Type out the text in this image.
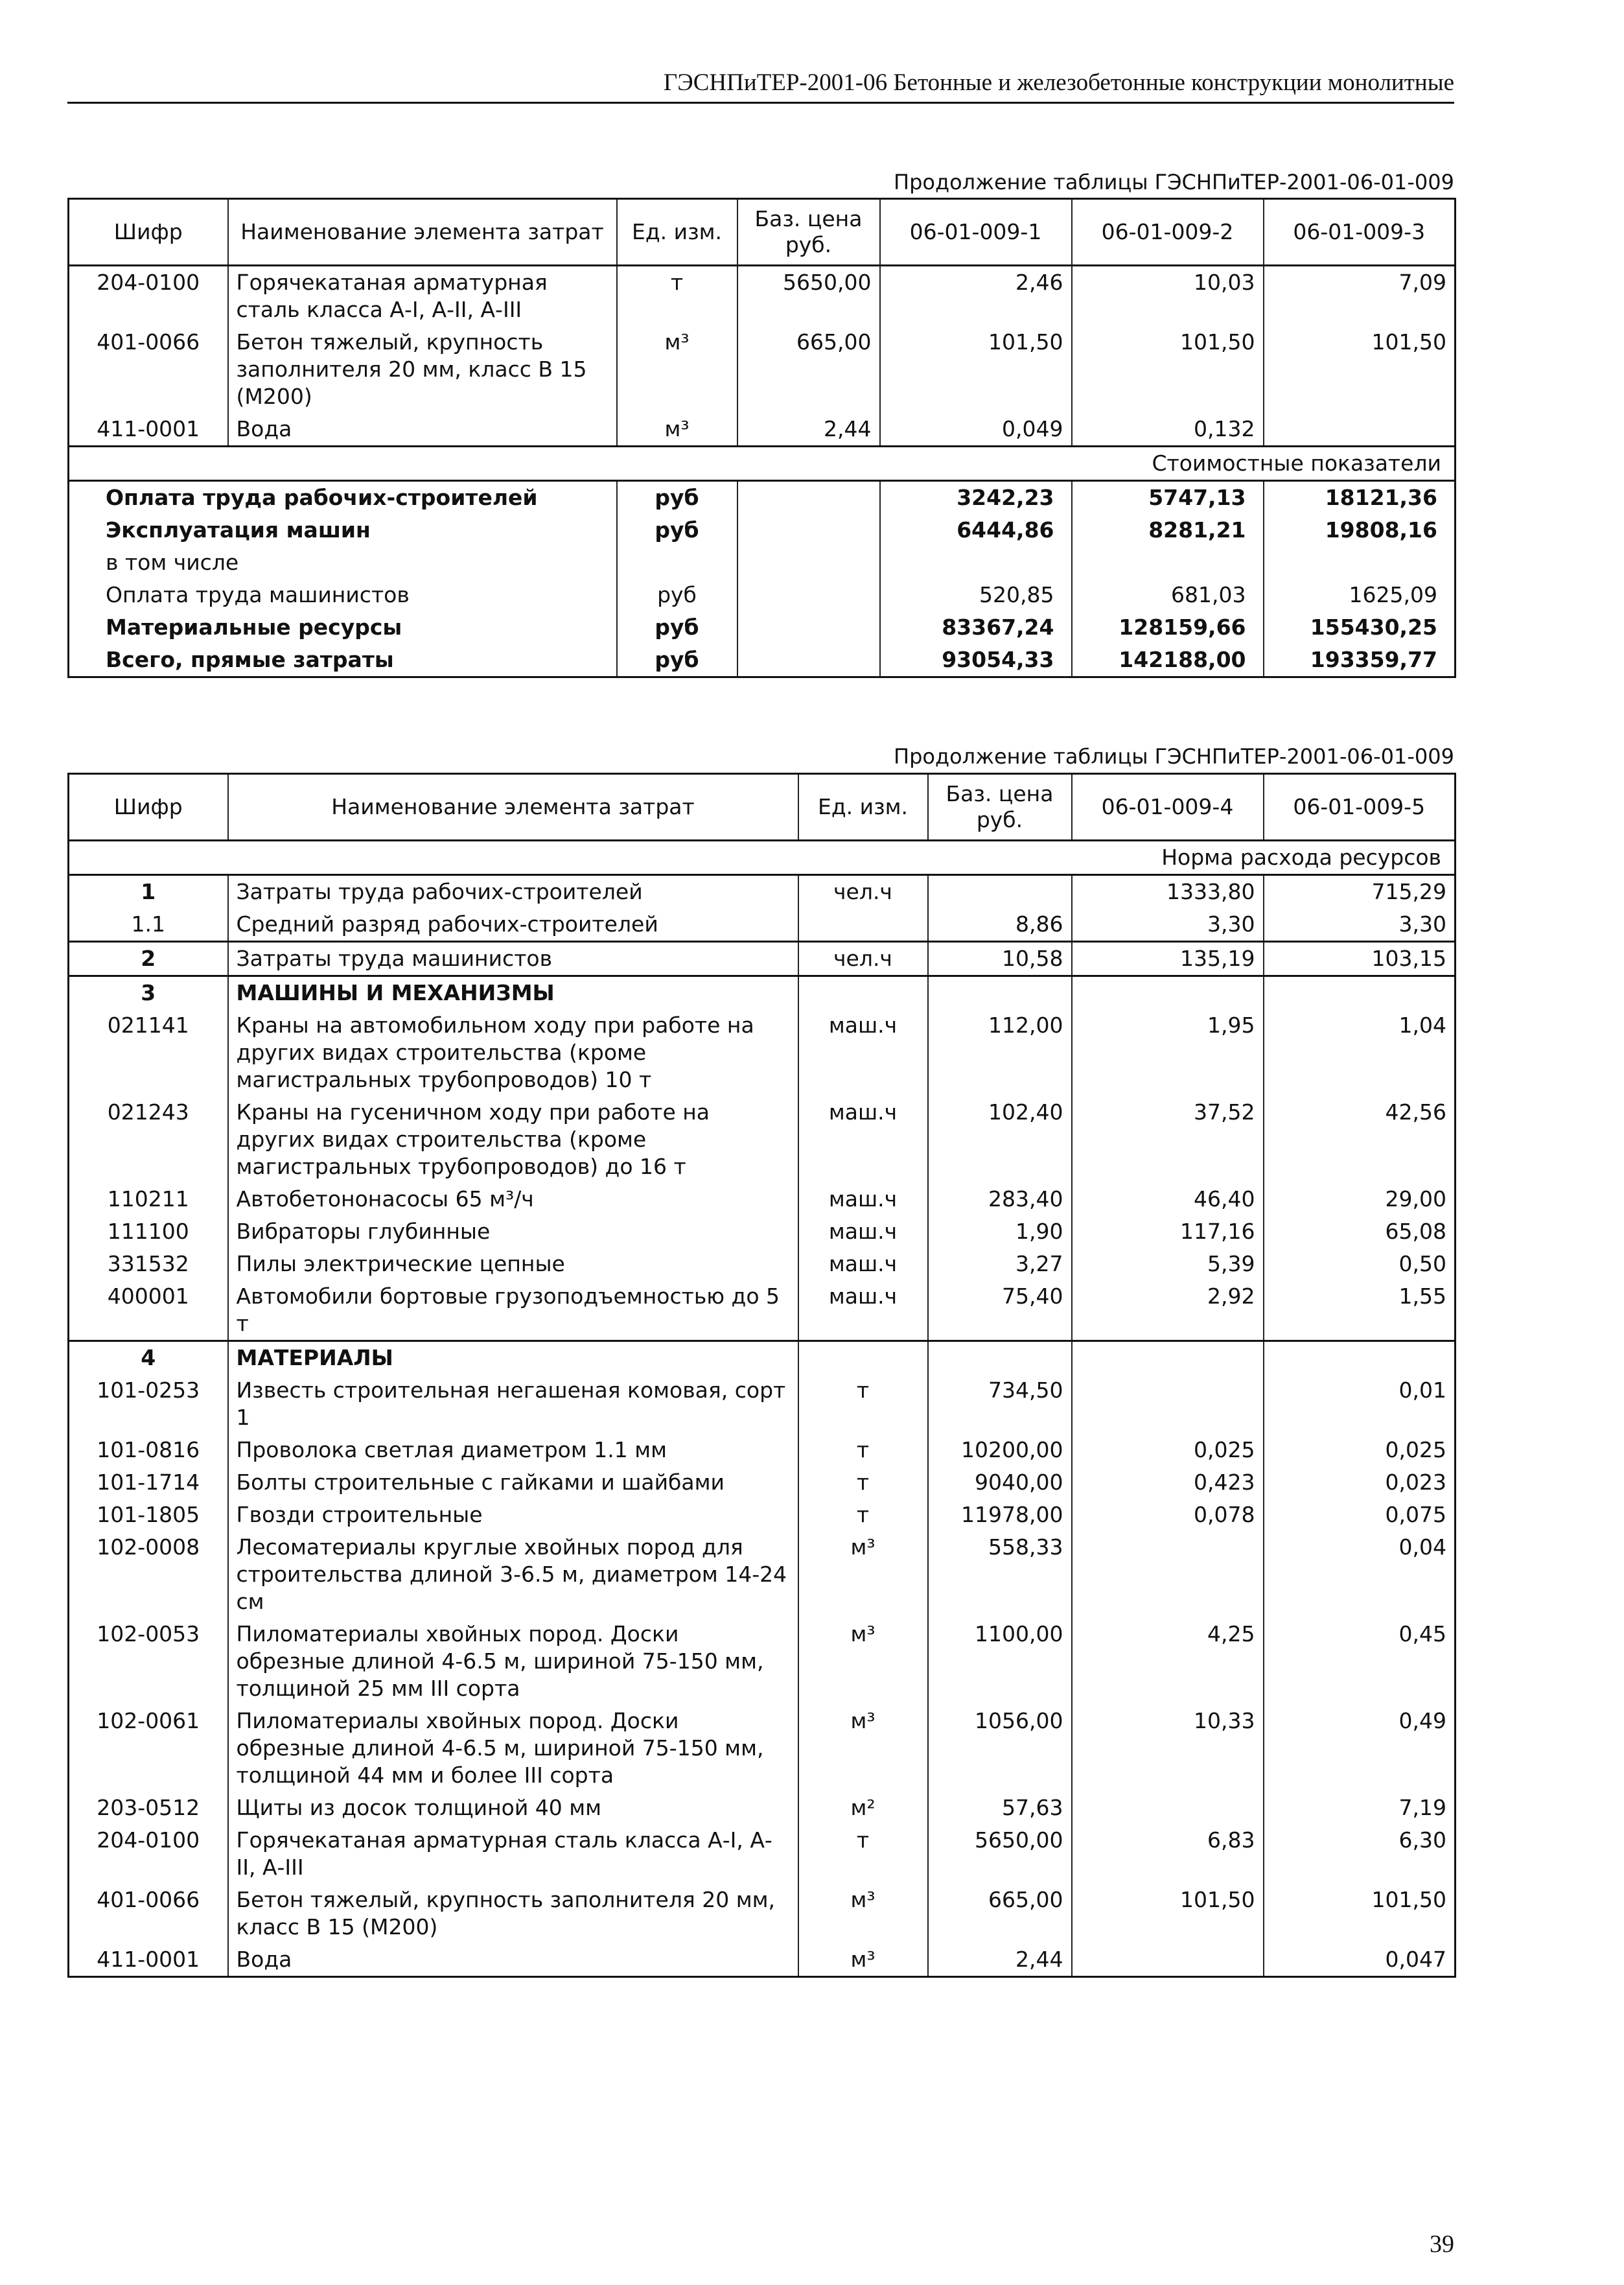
ГЭСНПиТЕР-2001-06 Бетонные и железобетонные конструкции монолитные
Продолжение таблицы ГЭСНПиТЕР-2001-06-01-009
Шифр	Наименование элемента затрат	Ед. изм.	Баз. цена руб.	06-01-009-1	06-01-009-2	06-01-009-3
204-0100	Горячекатаная арматурная сталь класса А-I, А-II, А-III	т	5650,00	2,46	10,03	7,09
401-0066	Бетон тяжелый, крупность заполнителя 20 мм, класс В 15 (М200)	м³	665,00	101,50	101,50	101,50
411-0001	Вода	м³	2,44	0,049	0,132	
Стоимостные показатели						
Оплата труда рабочих-строителей		руб		3242,23	5747,13	18121,36
Эксплуатация машин		руб		6444,86	8281,21	19808,16
в том числе						
Оплата труда машинистов		руб		520,85	681,03	1625,09
Материальные ресурсы		руб		83367,24	128159,66	155430,25
Всего, прямые затраты		руб		93054,33	142188,00	193359,77
Продолжение таблицы ГЭСНПиТЕР-2001-06-01-009
Шифр	Наименование элемента затрат	Ед. изм.	Баз. цена руб.	06-01-009-4	06-01-009-5
Норма расхода ресурсов					
1	Затраты труда рабочих-строителей	чел.ч		1333,80	715,29
1.1	Средний разряд рабочих-строителей		8,86	3,30	3,30
2	Затраты труда машинистов	чел.ч	10,58	135,19	103,15
3	МАШИНЫ И МЕХАНИЗМЫ				
021141	Краны на автомобильном ходу при работе на других видах строительства (кроме магистральных трубопроводов) 10 т	маш.ч	112,00	1,95	1,04
021243	Краны на гусеничном ходу при работе на других видах строительства (кроме магистральных трубопроводов) до 16 т	маш.ч	102,40	37,52	42,56
110211	Автобетононасосы 65 м³/ч	маш.ч	283,40	46,40	29,00
111100	Вибраторы глубинные	маш.ч	1,90	117,16	65,08
331532	Пилы электрические цепные	маш.ч	3,27	5,39	0,50
400001	Автомобили бортовые грузоподъемностью до 5 т	маш.ч	75,40	2,92	1,55
4	МАТЕРИАЛЫ				
101-0253	Известь строительная негашеная комовая, сорт 1	т	734,50		0,01
101-0816	Проволока светлая диаметром 1.1 мм	т	10200,00	0,025	0,025
101-1714	Болты строительные с гайками и шайбами	т	9040,00	0,423	0,023
101-1805	Гвозди строительные	т	11978,00	0,078	0,075
102-0008	Лесоматериалы круглые хвойных пород для строительства длиной 3-6.5 м, диаметром 14-24 см	м³	558,33		0,04
102-0053	Пиломатериалы хвойных пород. Доски обрезные длиной 4-6.5 м, шириной 75-150 мм, толщиной 25 мм III сорта	м³	1100,00	4,25	0,45
102-0061	Пиломатериалы хвойных пород. Доски обрезные длиной 4-6.5 м, шириной 75-150 мм, толщиной 44 мм и более III сорта	м³	1056,00	10,33	0,49
203-0512	Щиты из досок толщиной 40 мм	м²	57,63		7,19
204-0100	Горячекатаная арматурная сталь класса А-I, А-II, А-III	т	5650,00	6,83	6,30
401-0066	Бетон тяжелый, крупность заполнителя 20 мм, класс В 15 (М200)	м³	665,00	101,50	101,50
411-0001	Вода	м³	2,44		0,047
39
